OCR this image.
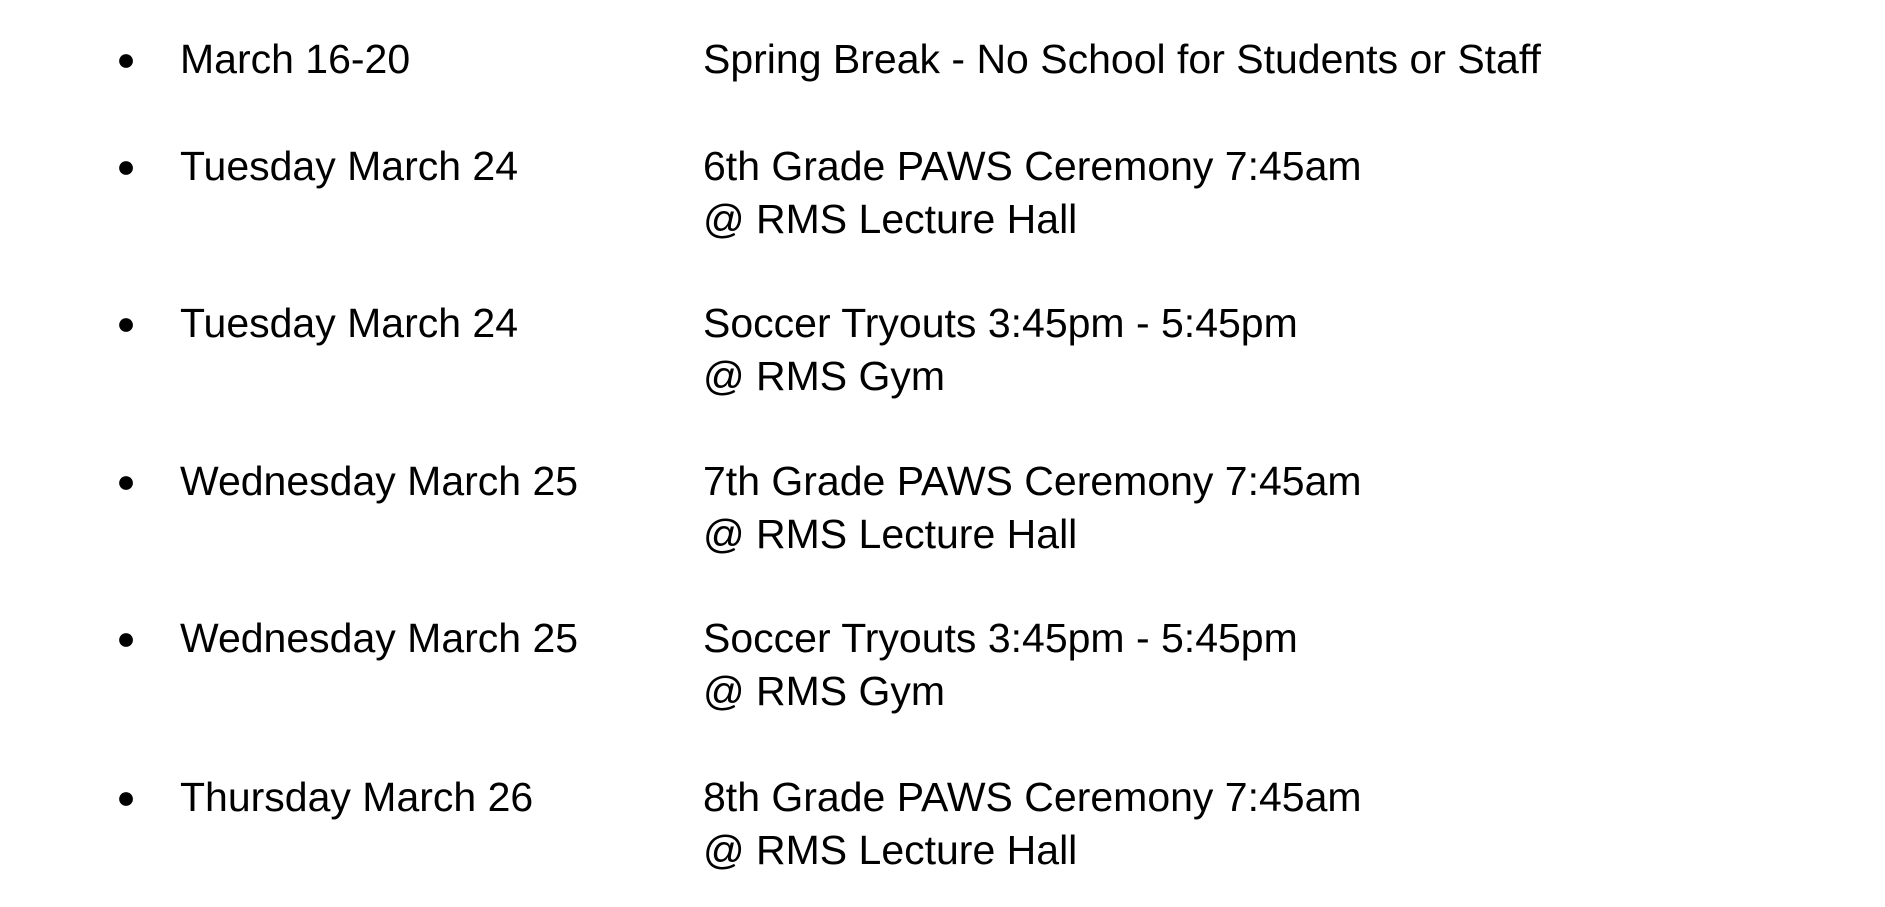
● March 16-20	Spring Break - No School for Students or Staff
● Tuesday March 24	6th Grade PAWS Ceremony 7:45am
@ RMS Lecture Hall
● Tuesday March 24	Soccer Tryouts 3:45pm - 5:45pm
@ RMS Gym
● Wednesday March 25	7th Grade PAWS Ceremony 7:45am
@ RMS Lecture Hall
● Wednesday March 25	Soccer Tryouts 3:45pm - 5:45pm
@ RMS Gym
● Thursday March 26	8th Grade PAWS Ceremony 7:45am
@ RMS Lecture Hall
